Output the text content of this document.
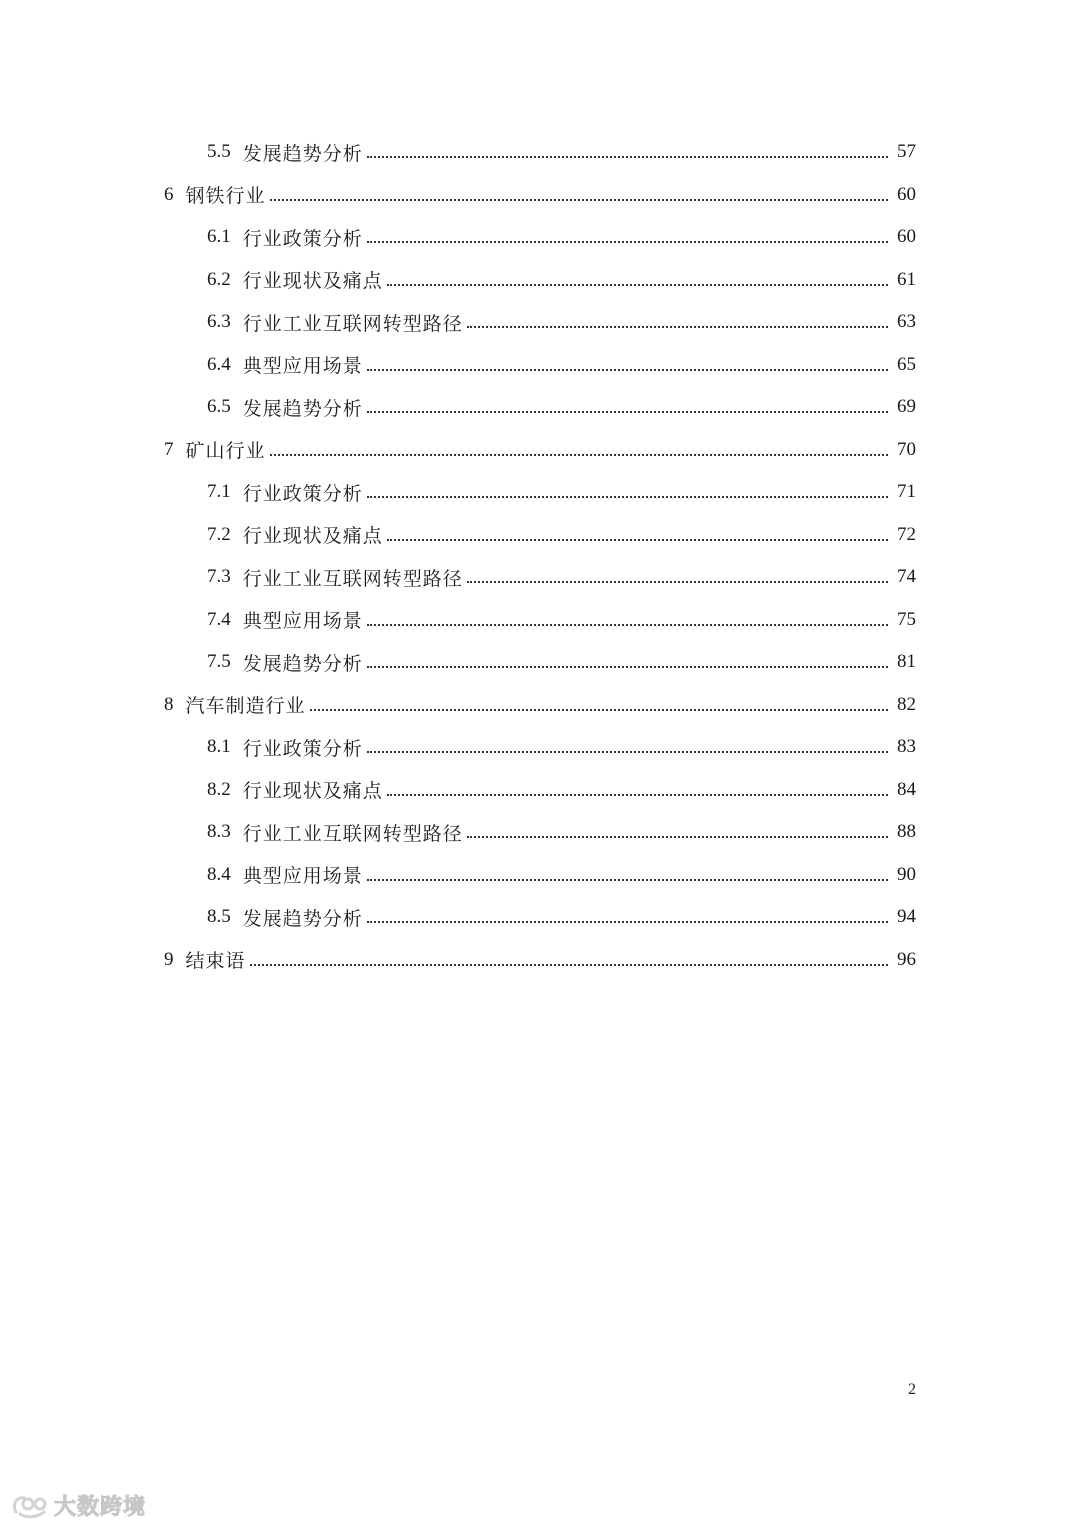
5.5 发展趋势分析	57
6 钢铁行业	60
6.1 行业政策分析	60
6.2 行业现状及痛点	61
6.3 行业工业互联网转型路径	63
6.4 典型应用场景	65
6.5 发展趋势分析	69
7 矿山行业	70
7.1 行业政策分析	71
7.2 行业现状及痛点	72
7.3 行业工业互联网转型路径	74
7.4 典型应用场景	75
7.5 发展趋势分析	81
8 汽车制造行业	82
8.1 行业政策分析	83
8.2 行业现状及痛点	84
8.3 行业工业互联网转型路径	88
8.4 典型应用场景	90
8.5 发展趋势分析	94
9 结束语	96
2
大数跨境
